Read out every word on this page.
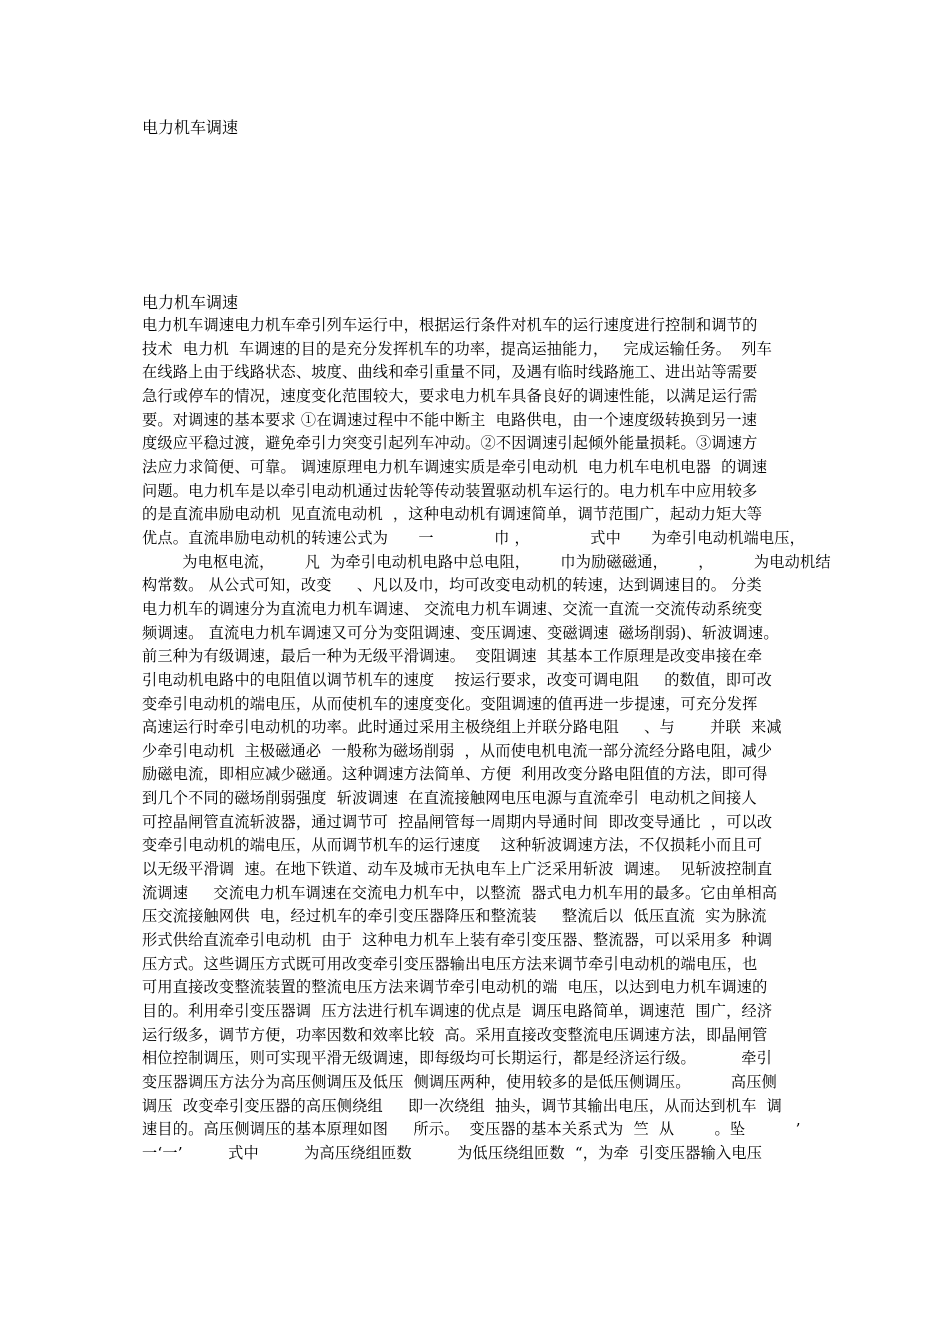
电力机车调速
电力机车调速
电力机车调速电力机车牵引列车运行中，根据运行条件对机车的运行速度进行控制和调节的
技术  电力机  车调速的目的是充分发挥机车的功率，提高运抽能力，   完成运输任务。  列车
在线路上由于线路状态、坡度、曲线和牵引重量不同，及遇有临时线路施工、进出站等需要
急行或停车的情况，速度变化范围较大，要求电力机车具备良好的调速性能，以满足运行需
要。对调速的基本要求 ①在调速过程中不能中断主  电路供电，由一个速度级转换到另一速
度级应平稳过渡，避免牵引力突变引起列车冲动。②不因调速引起倾外能量损耗。③调速方
法应力求简便、可靠。 调速原理电力机车调速实质是牵引电动机  电力机车电机电器  的调速
问题。电力机车是以牵引电动机通过齿轮等传动装置驱动机车运行的。电力机车中应用较多
的是直流串励电动机  见直流电动机  ，这种电动机有调速简单，调节范围广，起动力矩大等
优点。直流串励电动机的转速公式为      一            巾 ，            式中      为牵引电动机端电压，
为电枢电流，      凡  为牵引电动机电路中总电阻，      巾为励磁磁通，      ，        为电动机结
构常数。 从公式可知，改变     、凡以及巾，均可改变电动机的转速，达到调速目的。 分类
电力机车的调速分为直流电力机车调速、 交流电力机车调速、交流一直流一交流传动系统变
频调速。 直流电力机车调速又可分为变阻调速、变压调速、变磁调速  磁场削弱)、斩波调速。
前三种为有级调速，最后一种为无级平滑调速。  变阻调速  其基本工作原理是改变串接在牵
引电动机电路中的电阻值以调节机车的速度    按运行要求，改变可调电阻     的数值，即可改
变牵引电动机的端电压，从而使机车的速度变化。变阻调速的值再进一步提速，可充分发挥
高速运行时牵引电动机的功率。此时通过采用主极绕组上并联分路电阻     、与       并联  来减
少牵引电动机  主极磁通必  一般称为磁场削弱  ，从而使电机电流一部分流经分路电阻，减少
励磁电流，即相应减少磁通。这种调速方法简单、方便  利用改变分路电阻值的方法，即可得
到几个不同的磁场削弱强度  斩波调速  在直流接触网电压电源与直流牵引  电动机之间接人
可控晶闸管直流斩波器，通过调节可  控晶闸管每一周期内导通时间  即改变导通比  ，可以改
变牵引电动机的端电压，从而调节机车的运行速度    这种斩波调速方法，不仅损耗小而且可
以无级平滑调  速。在地下铁道、动车及城市无执电车上广泛采用斩波  调速。  见斩波控制直
流调速     交流电力机车调速在交流电力机车中，以整流  器式电力机车用的最多。它由单相高
压交流接触网供  电，经过机车的牵引变压器降压和整流装     整流后以  低压直流  实为脉流
形式供给直流牵引电动机  由于  这种电力机车上装有牵引变压器、整流器，可以采用多  种调
压方式。这些调压方式既可用改变牵引变压器输出电压方法来调节牵引电动机的端电压，也
可用直接改变整流装置的整流电压方法来调节牵引电动机的端  电压，以达到电力机车调速的
目的。利用牵引变压器调  压方法进行机车调速的优点是  调压电路简单，调速范  围广，经济
运行级多，调节方便，功率因数和效率比较  高。采用直接改变整流电压调速方法，即晶闸管
相位控制调压，则可实现平滑无级调速，即每级均可长期运行，都是经济运行级。         牵引
变压器调压方法分为高压侧调压及低压  侧调压两种，使用较多的是低压侧调压。        高压侧
调压  改变牵引变压器的高压侧绕组     即一次绕组  抽头，调节其输出电压，从而达到机车  调
速目的。高压侧调压的基本原理如图     所示。  变压器的基本关系式为  竺  从        。坠          ’
一‘一’         式中         为高压绕组匝数         为低压绕组匝数  “，为牵  引变压器输入电压
